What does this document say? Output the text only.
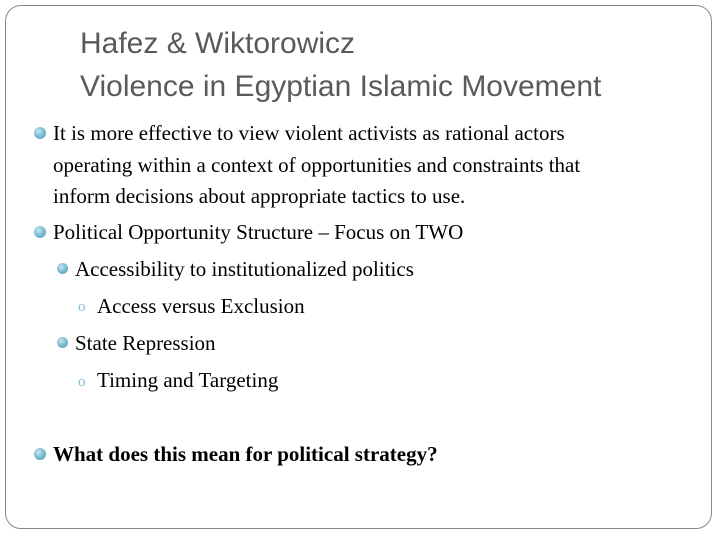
Hafez & Wiktorowicz
Violence in Egyptian Islamic Movement
It is more effective to view violent activists as rational actors
operating within a context of opportunities and constraints that
inform decisions about appropriate tactics to use.
Political Opportunity Structure – Focus on TWO
Accessibility to institutionalized politics
o Access versus Exclusion
State Repression
o Timing and Targeting
What does this mean for political strategy?
